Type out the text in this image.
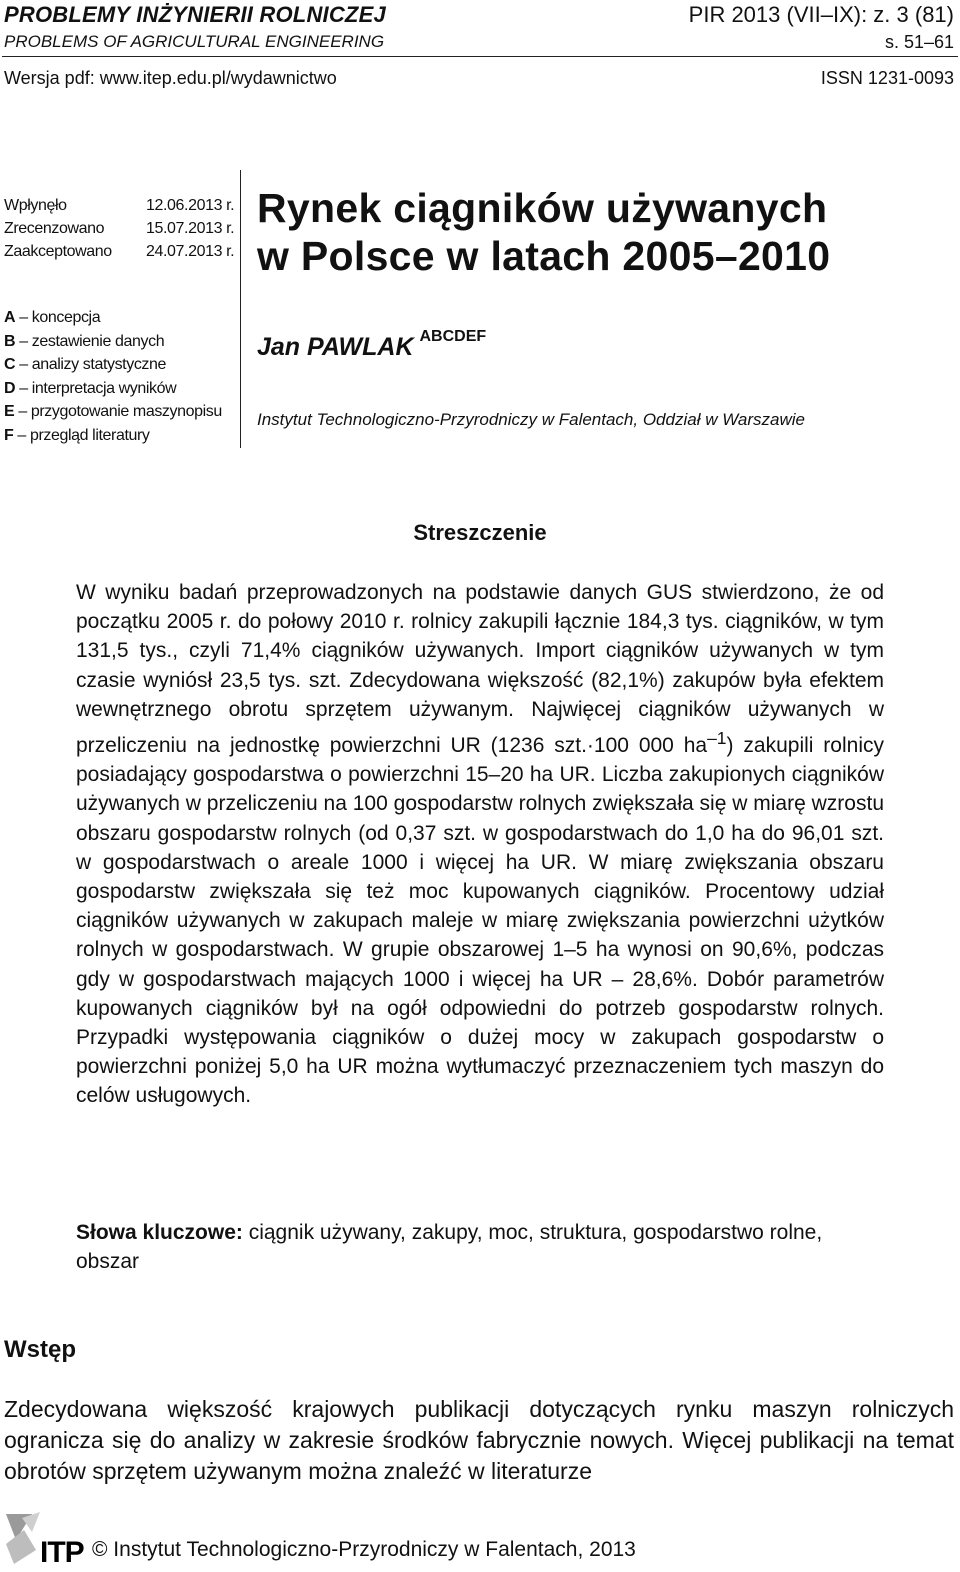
PROBLEMY INŻYNIERII ROLNICZEJ
PROBLEMS OF AGRICULTURAL ENGINEERING
PIR 2013 (VII–IX): z. 3 (81)
s. 51–61
Wersja pdf: www.itep.edu.pl/wydawnictwo	ISSN 1231-0093
Wpłynęło	12.06.2013 r.
Zrecenzowano	15.07.2013 r.
Zaakceptowano	24.07.2013 r.
A – koncepcja
B – zestawienie danych
C – analizy statystyczne
D – interpretacja wyników
E – przygotowanie maszynopisu
F – przegląd literatury
Rynek ciągników używanych
w Polsce w latach 2005–2010
Jan PAWLAK $^{ABCDEF}$
Instytut Technologiczno-Przyrodniczy w Falentach, Oddział w Warszawie
Streszczenie
W wyniku badań przeprowadzonych na podstawie danych GUS stwierdzono, że od początku 2005 r. do połowy 2010 r. rolnicy zakupili łącznie 184,3 tys. ciągników, w tym 131,5 tys., czyli 71,4% ciągników używanych. Import ciągników używanych w tym czasie wyniósł 23,5 tys. szt. Zdecydowana większość (82,1%) zakupów była efektem wewnętrznego obrotu sprzętem używanym. Najwięcej ciągników używanych w przeliczeniu na jednostkę powierzchni UR (1236 szt.·100 000 $ha^{-1}$) zakupili rolnicy posiadający gospodarstwa o powierzchni 15–20 ha UR. Liczba zakupionych ciągników używanych w przeliczeniu na 100 gospodarstw rolnych zwiększała się w miarę wzrostu obszaru gospodarstw rolnych (od 0,37 szt. w gospodarstwach do 1,0 ha do 96,01 szt. w gospodarstwach o areale 1000 i więcej ha UR. W miarę zwiększania obszaru gospodarstw zwiększała się też moc kupowanych ciągników. Procentowy udział ciągników używanych w zakupach maleje w miarę zwiększania powierzchni użytków rolnych w gospodarstwach. W grupie obszarowej 1–5 ha wynosi on 90,6%, podczas gdy w gospodarstwach mających 1000 i więcej ha UR – 28,6%. Dobór parametrów kupowanych ciągników był na ogół odpowiedni do potrzeb gospodarstw rolnych. Przypadki występowania ciągników o dużej mocy w zakupach gospodarstw o powierzchni poniżej 5,0 ha UR można wytłumaczyć przeznaczeniem tych maszyn do celów usługowych.
Słowa kluczowe: ciągnik używany, zakupy, moc, struktura, gospodarstwo rolne, obszar
Wstęp
Zdecydowana większość krajowych publikacji dotyczących rynku maszyn rolniczych ogranicza się do analizy w zakresie środków fabrycznie nowych. Więcej publikacji na temat obrotów sprzętem używanym można znaleźć w literaturze
ITP © Instytut Technologiczno-Przyrodniczy w Falentach, 2013
